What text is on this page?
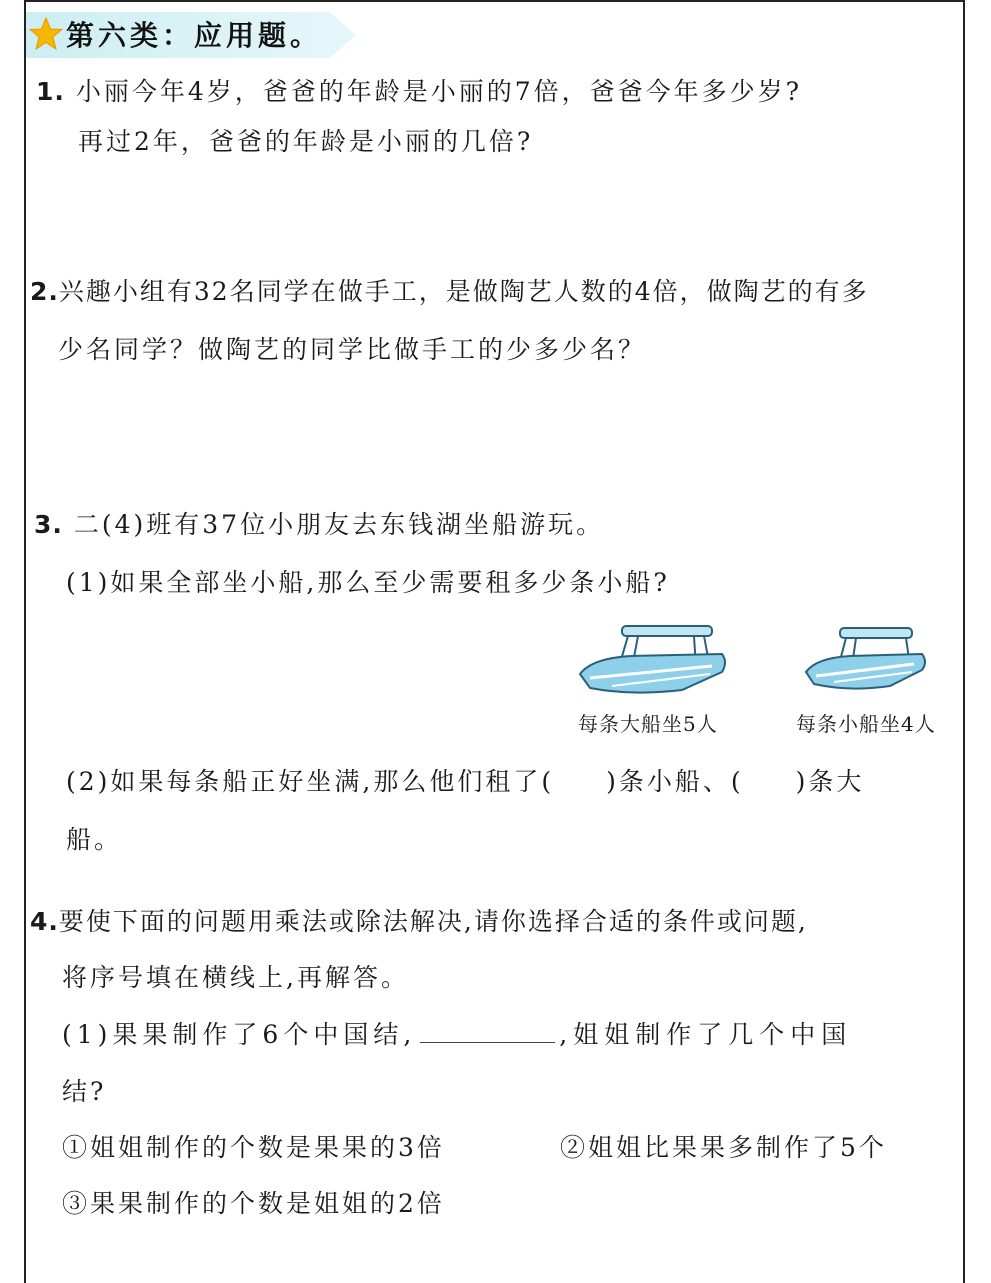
第六类：应用题。
1. 小丽今年4岁，爸爸的年龄是小丽的7倍，爸爸今年多少岁?
再过2年，爸爸的年龄是小丽的几倍?
2.兴趣小组有32名同学在做手工，是做陶艺人数的4倍，做陶艺的有多
少名同学？做陶艺的同学比做手工的少多少名？
3. 二(4)班有37位小朋友去东钱湖坐船游玩。
(1)如果全部坐小船,那么至少需要租多少条小船?
每条大船坐5人	每条小船坐4人
(2)如果每条船正好坐满,那么他们租了( )条小船、( )条大
船。
4.要使下面的问题用乘法或除法解决,请你选择合适的条件或问题,
将序号填在横线上,再解答。
(1)果果制作了6个中国结,	,姐姐制作了几个中国
结?
①姐姐制作的个数是果果的3倍	②姐姐比果果多制作了5个
③果果制作的个数是姐姐的2倍
